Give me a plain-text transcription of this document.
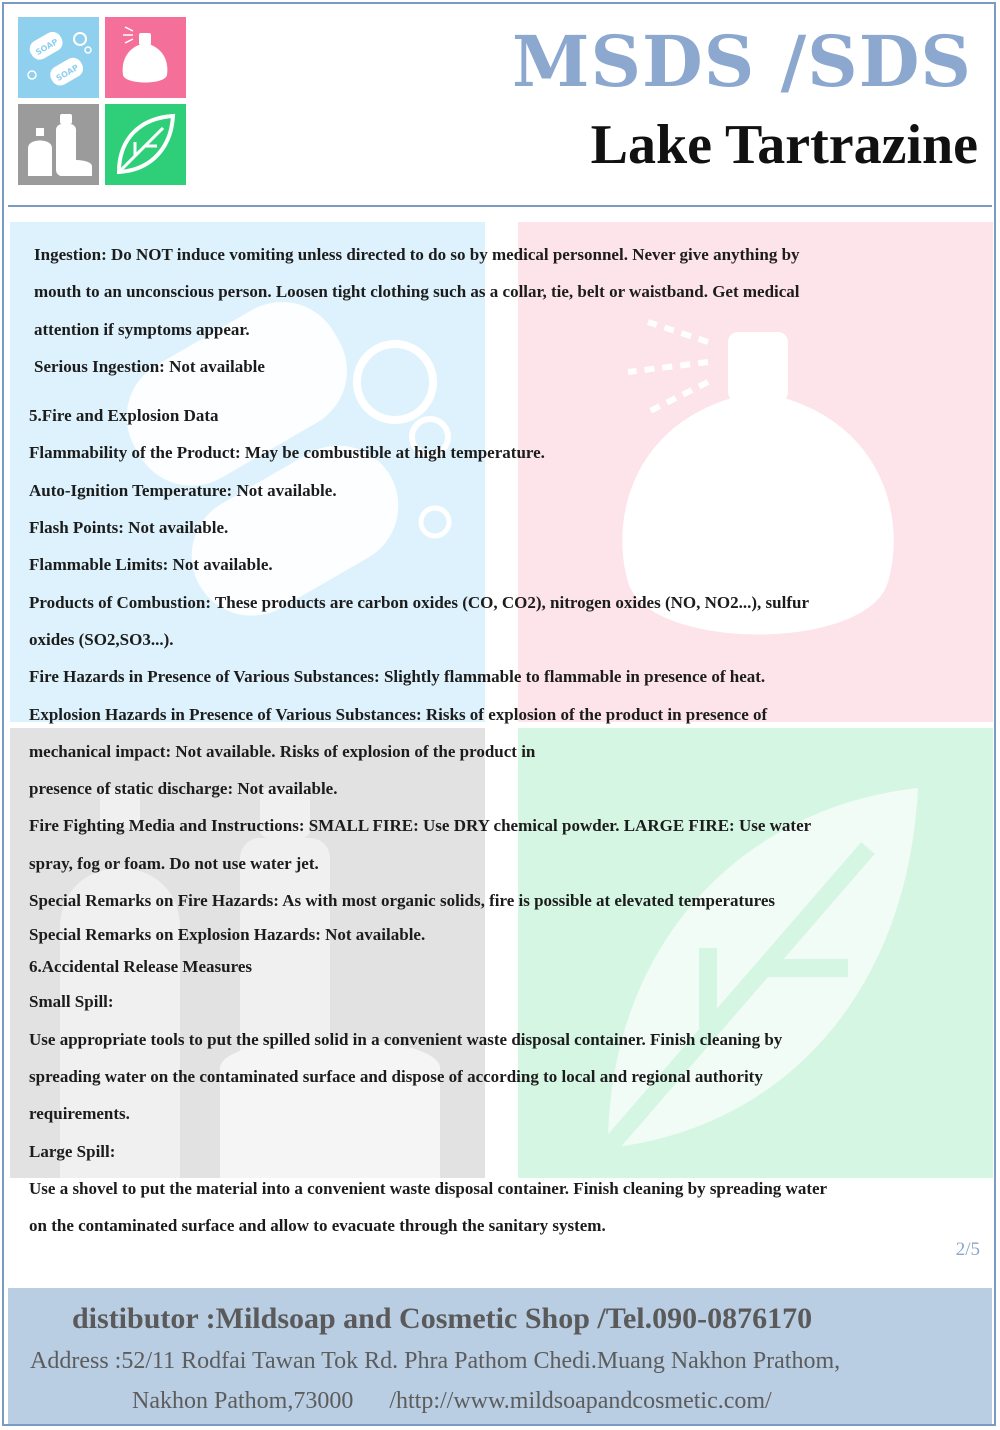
SOAP
SOAP	MSDS /SDS
Lake Tartrazine

Ingestion: Do NOT induce vomiting unless directed to do so by medical personnel. Never give anything by

mouth to an unconscious person. Loosen tight clothing such as a collar, tie, belt or waistband. Get medical

attention if symptoms appear.

Serious Ingestion: Not available

5.Fire and Explosion Data

Flammability of the Product: May be combustible at high temperature.

Auto-Ignition Temperature: Not available.

Flash Points: Not available.

Flammable Limits: Not available.

Products of Combustion: These products are carbon oxides (CO, CO2), nitrogen oxides (NO, NO2...), sulfur

oxides (SO2,SO3...).

Fire Hazards in Presence of Various Substances: Slightly flammable to flammable in presence of heat.

Explosion Hazards in Presence of Various Substances: Risks of explosion of the product in presence of

mechanical impact: Not available. Risks of explosion of the product in

presence of static discharge: Not available.

Fire Fighting Media and Instructions: SMALL FIRE: Use DRY chemical powder. LARGE FIRE: Use water

spray, fog or foam. Do not use water jet.

Special Remarks on Fire Hazards: As with most organic solids, fire is possible at elevated temperatures

Special Remarks on Explosion Hazards: Not available.

6.Accidental Release Measures

Small Spill:

Use appropriate tools to put the spilled solid in a convenient waste disposal container. Finish cleaning by

spreading water on the contaminated surface and dispose of according to local and regional authority

requirements.

Large Spill:

Use a shovel to put the material into a convenient waste disposal container. Finish cleaning by spreading water

on the contaminated surface and allow to evacuate through the sanitary system.

2/5

distibutor :Mildsoap and Cosmetic Shop /Tel.090-0876170

Address :52/11 Rodfai Tawan Tok Rd. Phra Pathom Chedi.Muang Nakhon Prathom,

Nakhon Pathom,73000 /http://www.mildsoapandcosmetic.com/
